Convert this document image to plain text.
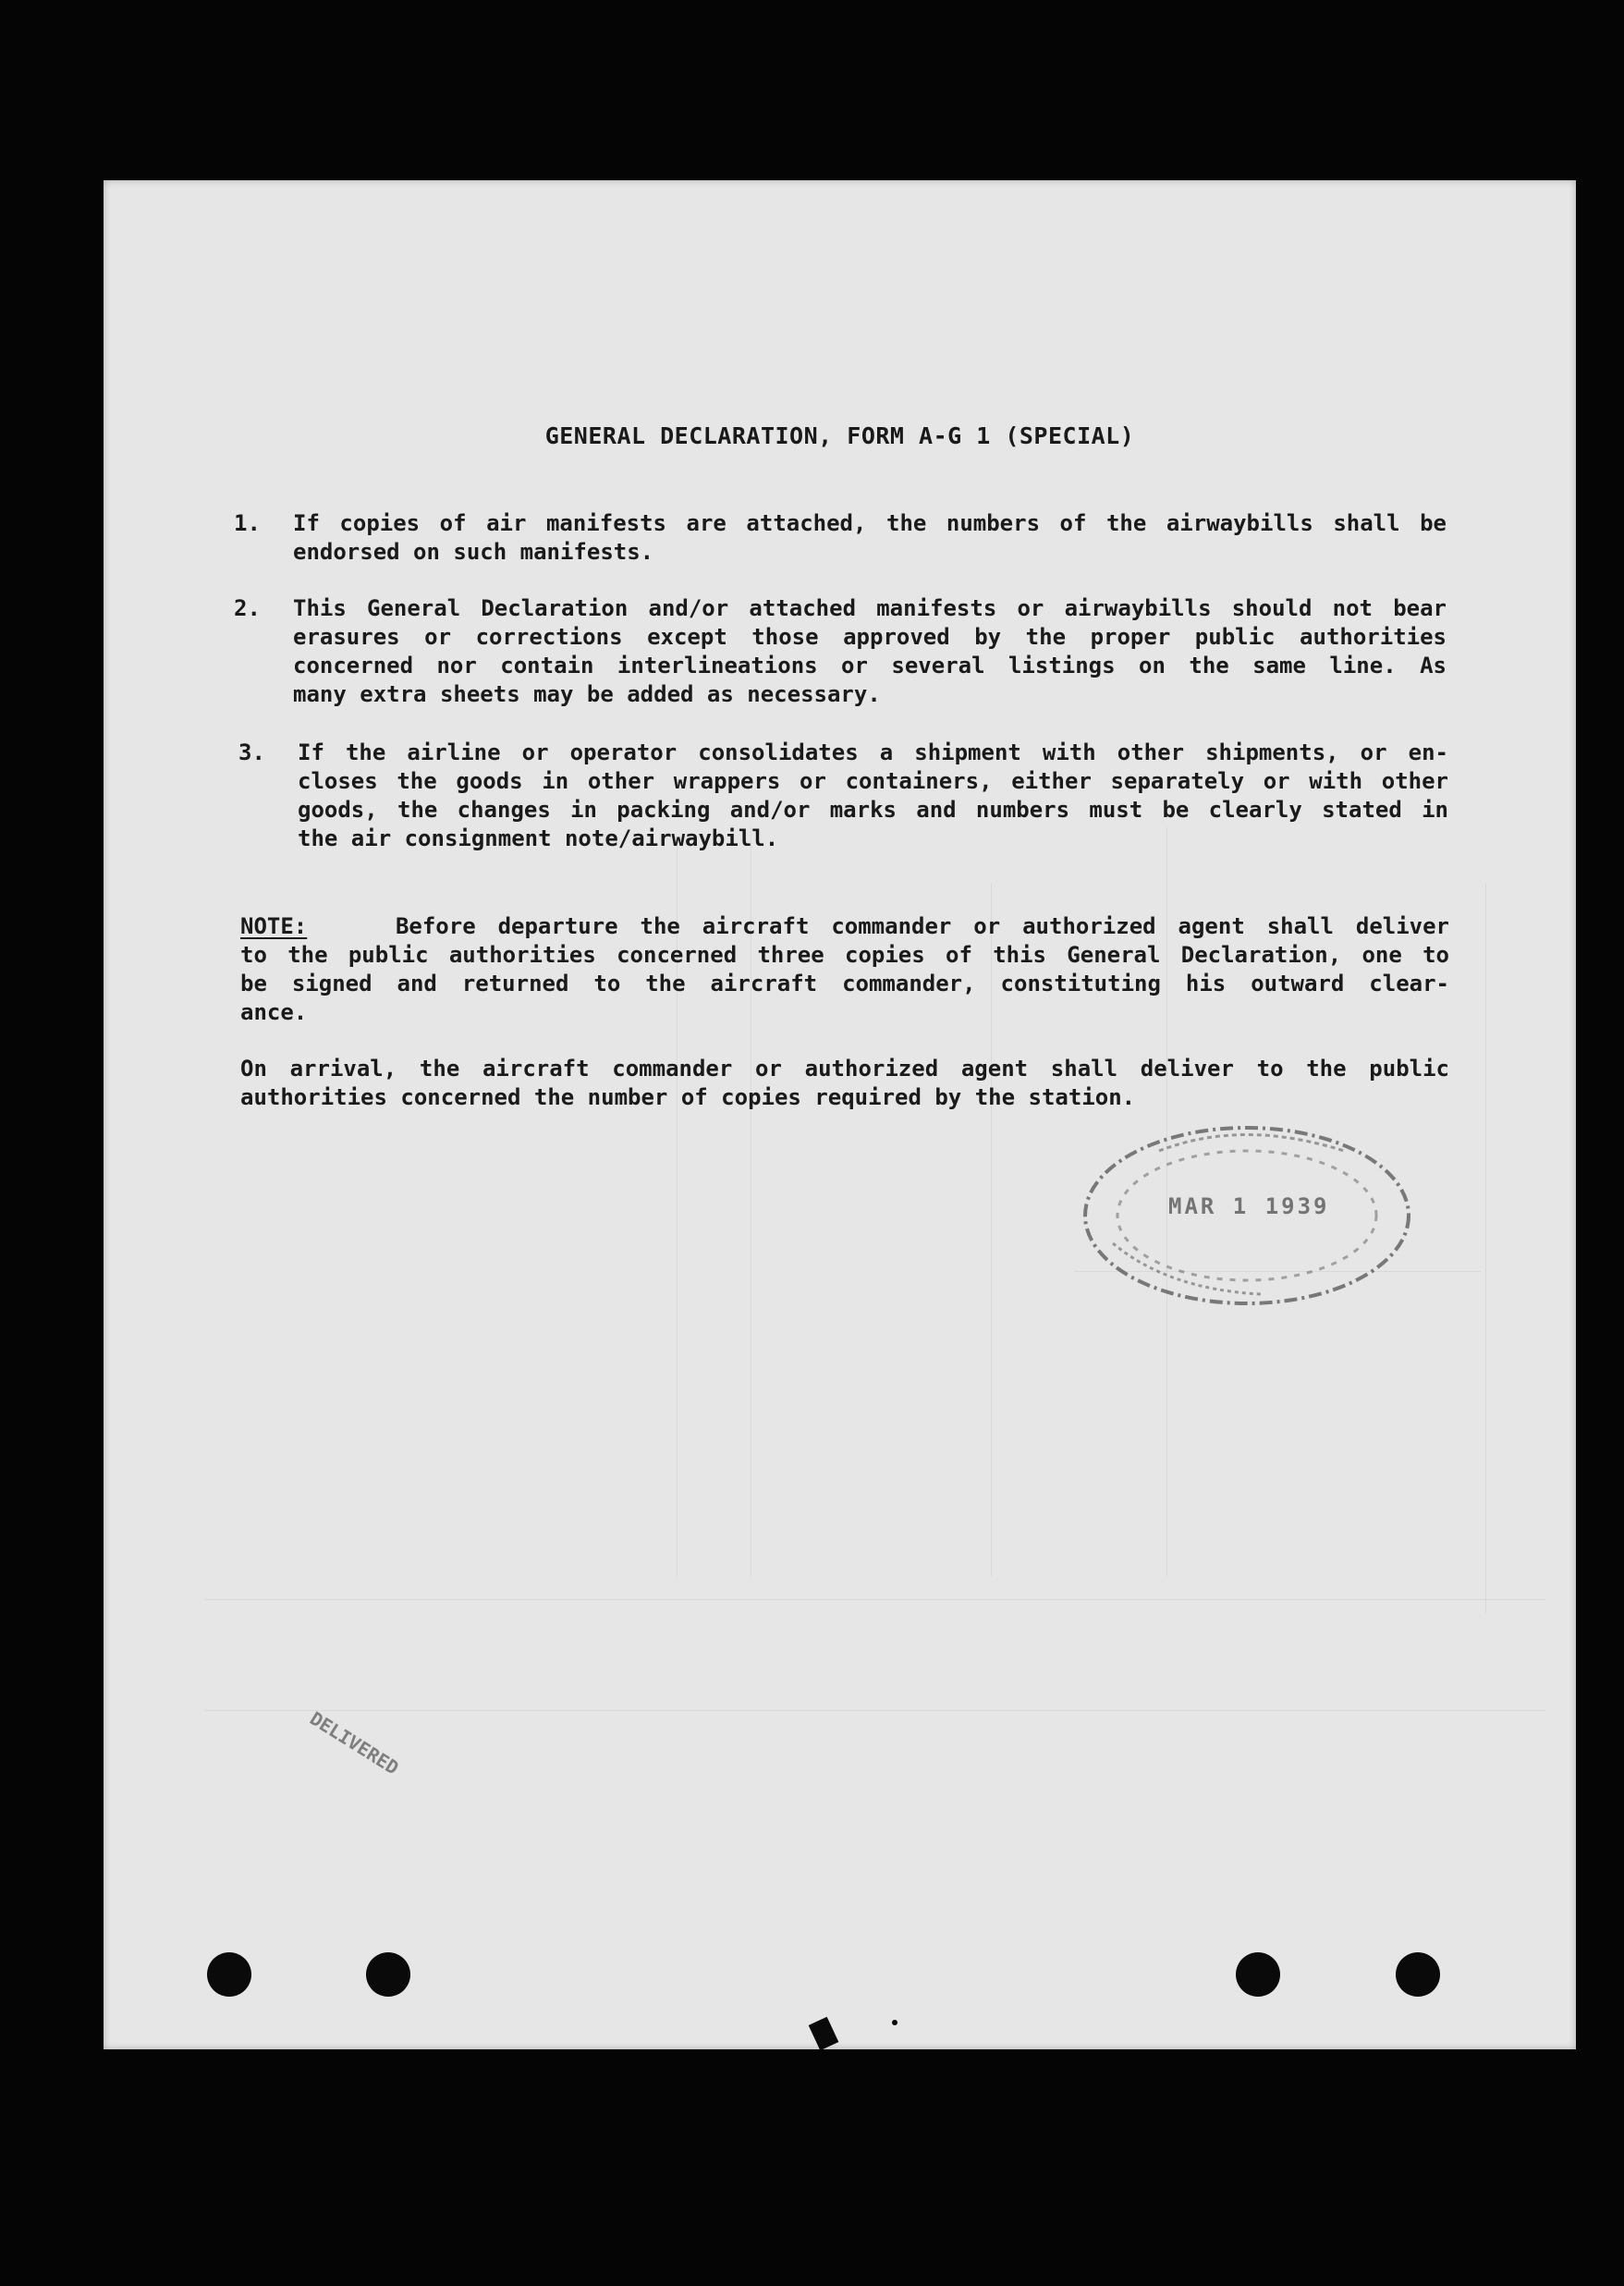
GENERAL DECLARATION, FORM A-G 1 (SPECIAL)
1. If copies of air manifests are attached, the numbers of the airwaybills shall be
endorsed on such manifests.
2. This General Declaration and/or attached manifests or airwaybills should not bear
erasures or corrections except those approved by the proper public authorities
concerned nor contain interlineations or several listings on the same line. As
many extra sheets may be added as necessary.
3. If the airline or operator consolidates a shipment with other shipments, or en-
closes the goods in other wrappers or containers, either separately or with other
goods, the changes in packing and/or marks and numbers must be clearly stated in
the air consignment note/airwaybill.
NOTE:	Before departure the aircraft commander or authorized agent shall deliver
to the public authorities concerned three copies of this General Declaration, one to
be signed and returned to the aircraft commander, constituting his outward clear-
ance.
On arrival, the aircraft commander or authorized agent shall deliver to the public
authorities concerned the number of copies required by the station.
MAR 1 1939
DELIVERED
